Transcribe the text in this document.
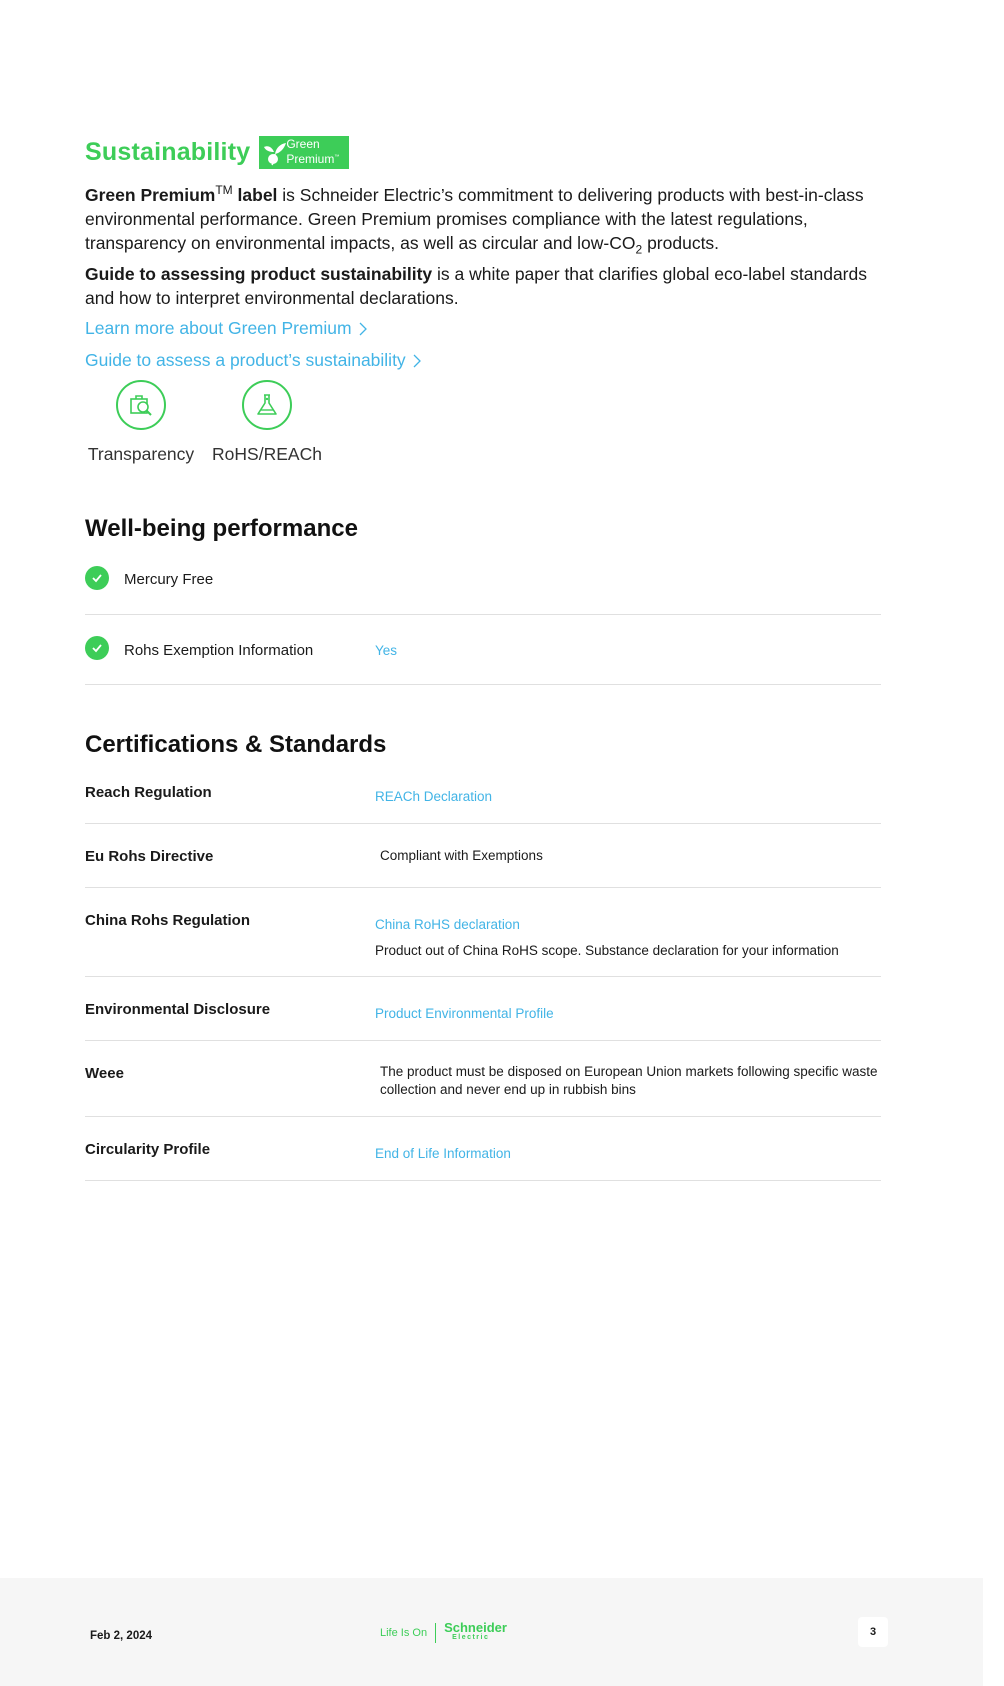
Sustainability	Green
Premium™
Green Premium™ label is Schneider Electric’s commitment to delivering products with best-in-class environmental performance. Green Premium promises compliance with the latest regulations, transparency on environmental impacts, as well as circular and low-$CO_2$ products.
Guide to assessing product sustainability is a white paper that clarifies global eco-label standards and how to interpret environmental declarations.
Learn more about Green Premium
Guide to assess a product’s sustainability
Transparency RoHS/REACh
Well-being performance
Mercury Free
Rohs Exemption Information	Yes
Certifications & Standards
Reach Regulation	REACh Declaration
Eu Rohs Directive	Compliant with Exemptions
China Rohs Regulation	China RoHS declaration
Product out of China RoHS scope. Substance declaration for your information
Environmental Disclosure	Product Environmental Profile
Weee	The product must be disposed on European Union markets following specific waste collection and never end up in rubbish bins
Circularity Profile	End of Life Information
Feb 2, 2024	Life Is On Schneider
Electric	3
